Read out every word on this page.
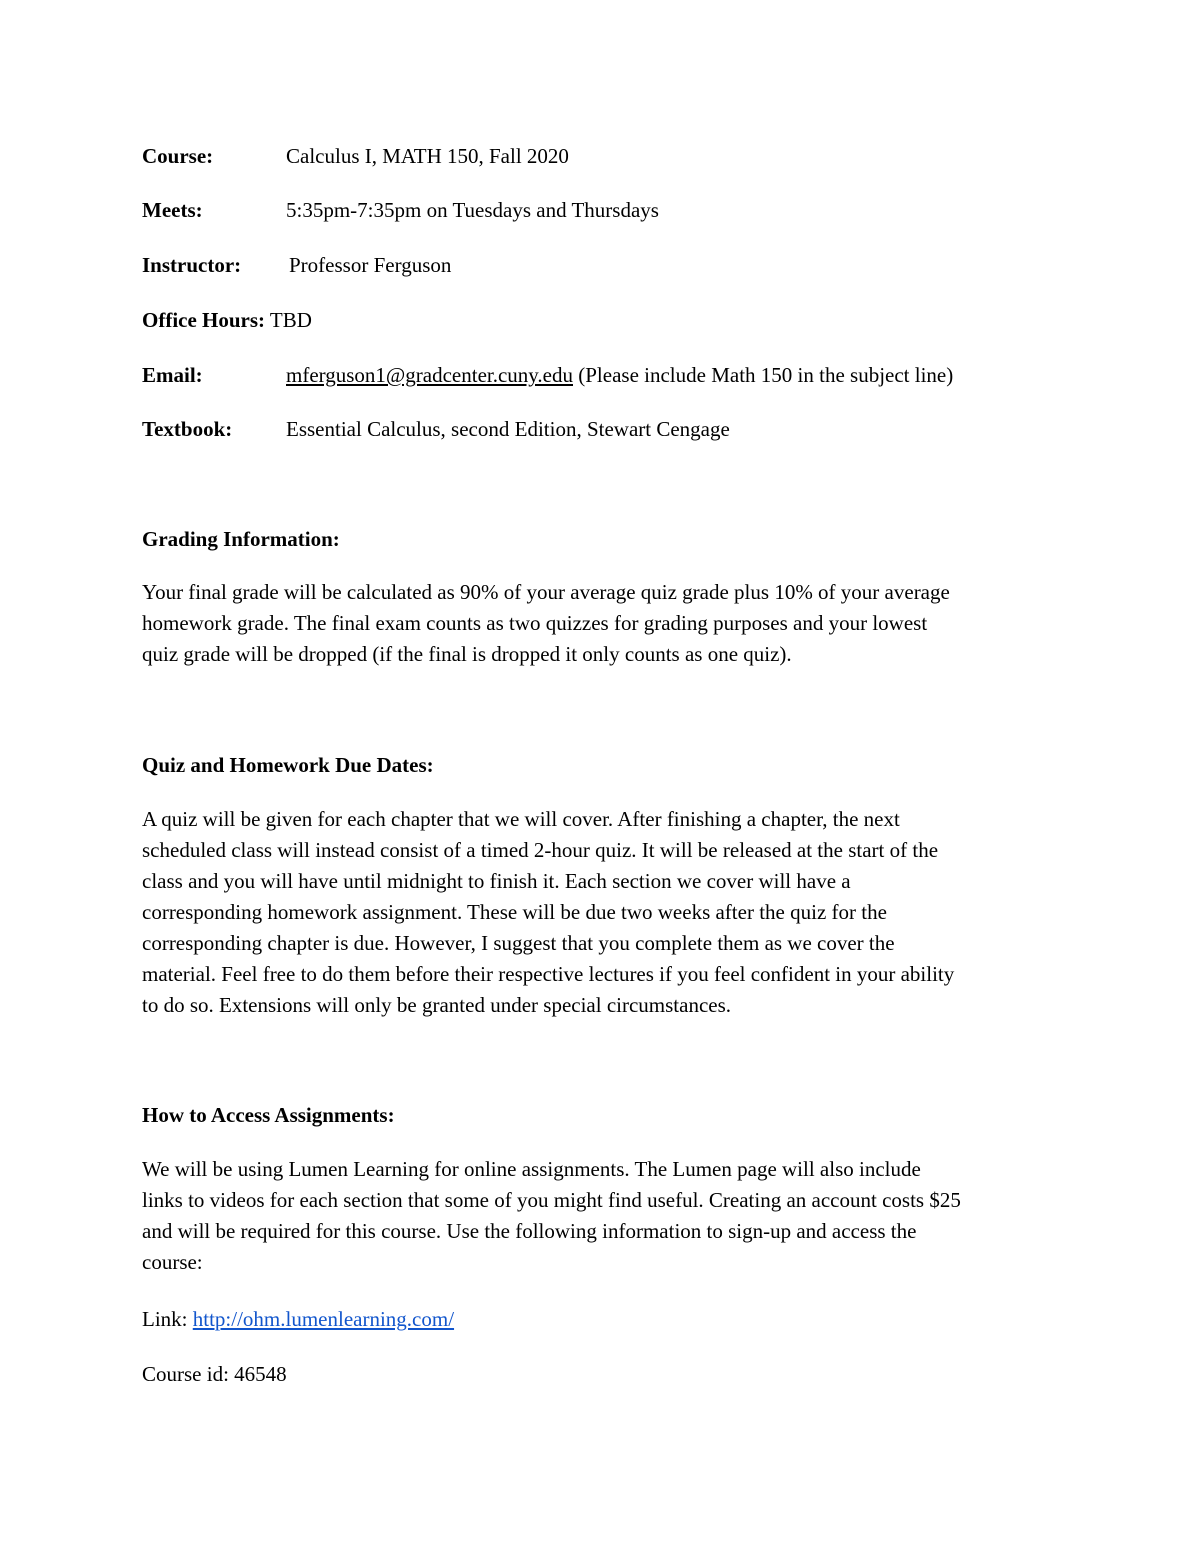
Course:	Calculus I, MATH 150, Fall 2020
Meets:	5:35pm-7:35pm on Tuesdays and Thursdays
Instructor: Professor Ferguson
Office Hours: TBD
Email:	mferguson1@gradcenter.cuny.edu (Please include Math 150 in the subject line)
Textbook:	Essential Calculus, second Edition, Stewart Cengage
Grading Information:
Your final grade will be calculated as 90% of your average quiz grade plus 10% of your average
homework grade. The final exam counts as two quizzes for grading purposes and your lowest
quiz grade will be dropped (if the final is dropped it only counts as one quiz).
Quiz and Homework Due Dates:
A quiz will be given for each chapter that we will cover. After finishing a chapter, the next
scheduled class will instead consist of a timed 2-hour quiz. It will be released at the start of the
class and you will have until midnight to finish it. Each section we cover will have a
corresponding homework assignment. These will be due two weeks after the quiz for the
corresponding chapter is due. However, I suggest that you complete them as we cover the
material. Feel free to do them before their respective lectures if you feel confident in your ability
to do so. Extensions will only be granted under special circumstances.
How to Access Assignments:
We will be using Lumen Learning for online assignments. The Lumen page will also include
links to videos for each section that some of you might find useful. Creating an account costs $25
and will be required for this course. Use the following information to sign-up and access the
course:
Link: http://ohm.lumenlearning.com/
Course id: 46548
